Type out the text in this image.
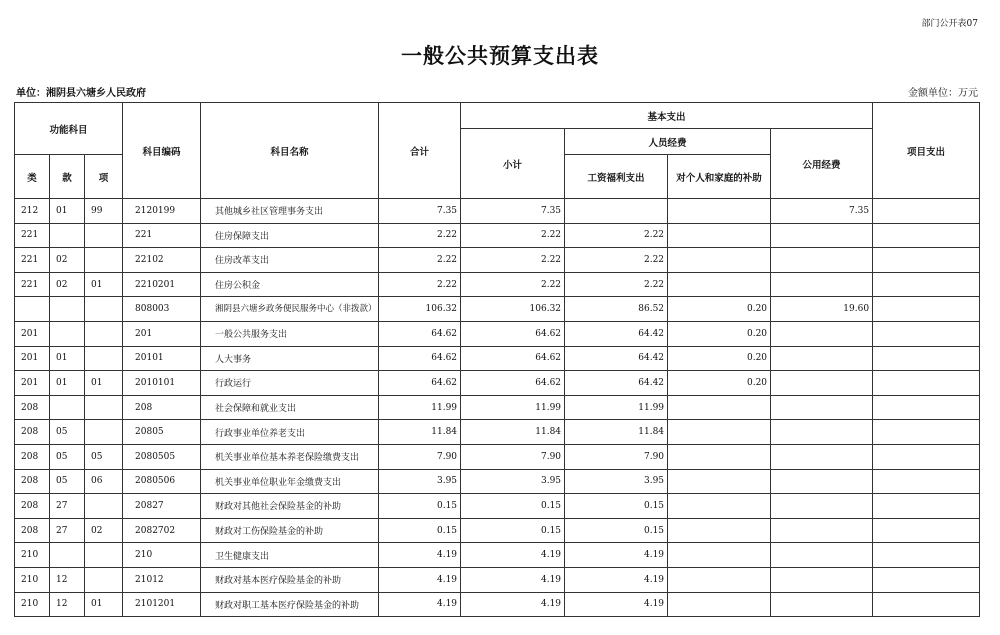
部门公开表07
一般公共预算支出表
单位：湘阴县六塘乡人民政府	金额单位：万元
功能科目			科目编码	科目名称	合计	基本支出				项目支出
						小计	人员经费		公用经费	
类	款	项					工资福利支出	对个人和家庭的补助		
212	01	99	2120199	其他城乡社区管理事务支出	7.35	7.35			7.35	
221			221	住房保障支出	2.22	2.22	2.22			
221	02		22102	住房改革支出	2.22	2.22	2.22			
221	02	01	2210201	住房公积金	2.22	2.22	2.22			
			808003	湘阴县六塘乡政务便民服务中心（非拨款）	106.32	106.32	86.52	0.20	19.60	
201			201	一般公共服务支出	64.62	64.62	64.42	0.20		
201	01		20101	人大事务	64.62	64.62	64.42	0.20		
201	01	01	2010101	行政运行	64.62	64.62	64.42	0.20		
208			208	社会保障和就业支出	11.99	11.99	11.99			
208	05		20805	行政事业单位养老支出	11.84	11.84	11.84			
208	05	05	2080505	机关事业单位基本养老保险缴费支出	7.90	7.90	7.90			
208	05	06	2080506	机关事业单位职业年金缴费支出	3.95	3.95	3.95			
208	27		20827	财政对其他社会保险基金的补助	0.15	0.15	0.15			
208	27	02	2082702	财政对工伤保险基金的补助	0.15	0.15	0.15			
210			210	卫生健康支出	4.19	4.19	4.19			
210	12		21012	财政对基本医疗保险基金的补助	4.19	4.19	4.19			
210	12	01	2101201	财政对职工基本医疗保险基金的补助	4.19	4.19	4.19			
